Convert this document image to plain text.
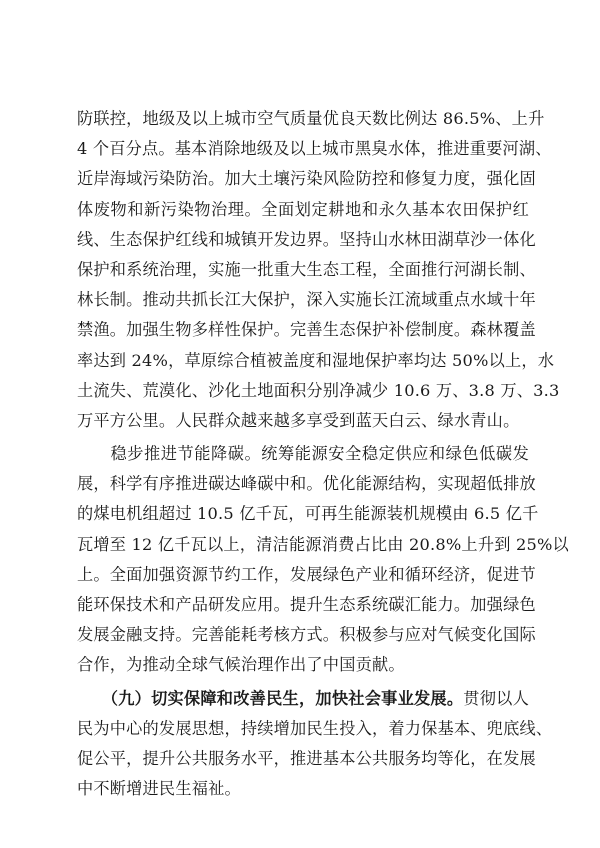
防联控，地级及以上城市空气质量优良天数比例达 86.5%、上升
4 个百分点。基本消除地级及以上城市黑臭水体，推进重要河湖、
近岸海域污染防治。加大土壤污染风险防控和修复力度，强化固
体废物和新污染物治理。全面划定耕地和永久基本农田保护红
线、生态保护红线和城镇开发边界。坚持山水林田湖草沙一体化
保护和系统治理，实施一批重大生态工程，全面推行河湖长制、
林长制。推动共抓长江大保护，深入实施长江流域重点水域十年
禁渔。加强生物多样性保护。完善生态保护补偿制度。森林覆盖
率达到 24%，草原综合植被盖度和湿地保护率均达 50%以上，水
土流失、荒漠化、沙化土地面积分别净减少 10.6 万、3.8 万、3.3
万平方公里。人民群众越来越多享受到蓝天白云、绿水青山。
　　稳步推进节能降碳。统筹能源安全稳定供应和绿色低碳发
展，科学有序推进碳达峰碳中和。优化能源结构，实现超低排放
的煤电机组超过 10.5 亿千瓦，可再生能源装机规模由 6.5 亿千
瓦增至 12 亿千瓦以上，清洁能源消费占比由 20.8%上升到 25%以
上。全面加强资源节约工作，发展绿色产业和循环经济，促进节
能环保技术和产品研发应用。提升生态系统碳汇能力。加强绿色
发展金融支持。完善能耗考核方式。积极参与应对气候变化国际
合作，为推动全球气候治理作出了中国贡献。
　　（九）切实保障和改善民生，加快社会事业发展。贯彻以人
民为中心的发展思想，持续增加民生投入，着力保基本、兜底线、
促公平，提升公共服务水平，推进基本公共服务均等化，在发展
中不断增进民生福祉。
